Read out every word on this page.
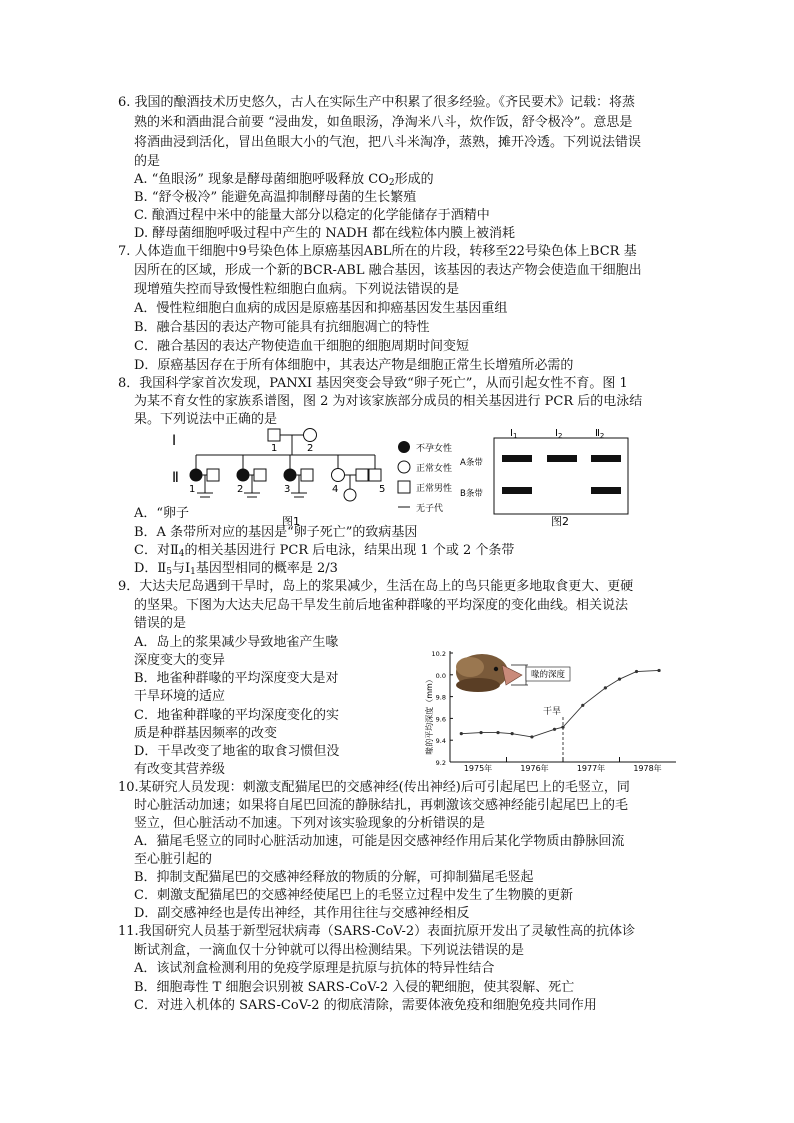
6. 我国的酿酒技术历史悠久，古人在实际生产中积累了很多经验。《齐民要术》记载：将蒸
熟的米和酒曲混合前要 “浸曲发，如鱼眼汤，净淘米八斗，炊作饭，舒令极冷”。意思是
将酒曲浸到活化，冒出鱼眼大小的气泡，把八斗米淘净，蒸熟，摊开冷透。下列说法错误
的是
A. “鱼眼汤” 现象是酵母菌细胞呼吸释放 $CO_2$形成的
B. “舒令极冷” 能避免高温抑制酵母菌的生长繁殖
C. 酿酒过程中米中的能量大部分以稳定的化学能储存于酒精中
D. 酵母菌细胞呼吸过程中产生的 NADH 都在线粒体内膜上被消耗
7. 人体造血干细胞中9号染色体上原癌基因ABL所在的片段，转移至22号染色体上BCR 基
因所在的区域，形成一个新的BCR-ABL 融合基因，该基因的表达产物会使造血干细胞出
现增殖失控而导致慢性粒细胞白血病。下列说法错误的是
A．慢性粒细胞白血病的成因是原癌基因和抑癌基因发生基因重组
B．融合基因的表达产物可能具有抗细胞凋亡的特性
C．融合基因的表达产物使造血干细胞的细胞周期时间变短
D．原癌基因存在于所有体细胞中，其表达产物是细胞正常生长增殖所必需的
8．我国科学家首次发现，PANXI 基因突变会导致“卵子死亡”，从而引起女性不育。图 1
为某不育女性的家族系谱图，图 2 为对该家族部分成员的相关基因进行 PCR 后的电泳结
果。下列说法中正确的是
Ⅰ
Ⅱ
1	2
1	2	3	4	5
不孕女性
正常女性
正常男性
无子代
图1
$Ⅰ_1$	$Ⅰ_2$	$Ⅱ_2$
A条带
B条带
图2
A．“卵子
B．A 条带所对应的基因是“卵子死亡”的致病基因
C．对$Ⅱ_4$的相关基因进行 PCR 后电泳，结果出现 1 个或 2 个条带
D．$Ⅱ_5$与$Ⅰ_1$基因型相同的概率是 2/3
9．大达夫尼岛遇到干旱时，岛上的浆果减少，生活在岛上的鸟只能更多地取食更大、更硬
的坚果。下图为大达夫尼岛干旱发生前后地雀种群喙的平均深度的变化曲线。相关说法
错误的是
A．岛上的浆果减少导致地雀产生喙
深度变大的变异
B．地雀种群喙的平均深度变大是对
干旱环境的适应
C．地雀种群喙的平均深度变化的实
质是种群基因频率的改变
D．干旱改变了地雀的取食习惯但没
有改变其营养级
喙的平均深度（mm）
10.2
0.0
9.8
9.6
9.4
9.2
1975年	1976年	1977年	1978年
喙的深度
干旱
10.某研究人员发现：刺激支配猫尾巴的交感神经(传出神经)后可引起尾巴上的毛竖立，同
时心脏活动加速；如果将自尾巴回流的静脉结扎，再刺激该交感神经能引起尾巴上的毛
竖立，但心脏活动不加速。下列对该实验现象的分析错误的是
A．猫尾毛竖立的同时心脏活动加速，可能是因交感神经作用后某化学物质由静脉回流
至心脏引起的
B．抑制支配猫尾巴的交感神经释放的物质的分解，可抑制猫尾毛竖起
C．刺激支配猫尾巴的交感神经使尾巴上的毛竖立过程中发生了生物膜的更新
D．副交感神经也是传出神经，其作用往往与交感神经相反
11.我国研究人员基于新型冠状病毒（SARS-CoV-2）表面抗原开发出了灵敏性高的抗体诊
断试剂盒，一滴血仅十分钟就可以得出检测结果。下列说法错误的是
A．该试剂盒检测利用的免疫学原理是抗原与抗体的特异性结合
B．细胞毒性 T 细胞会识别被 SARS-CoV-2 入侵的靶细胞，使其裂解、死亡
C．对进入机体的 SARS-CoV-2 的彻底清除，需要体液免疫和细胞免疫共同作用
